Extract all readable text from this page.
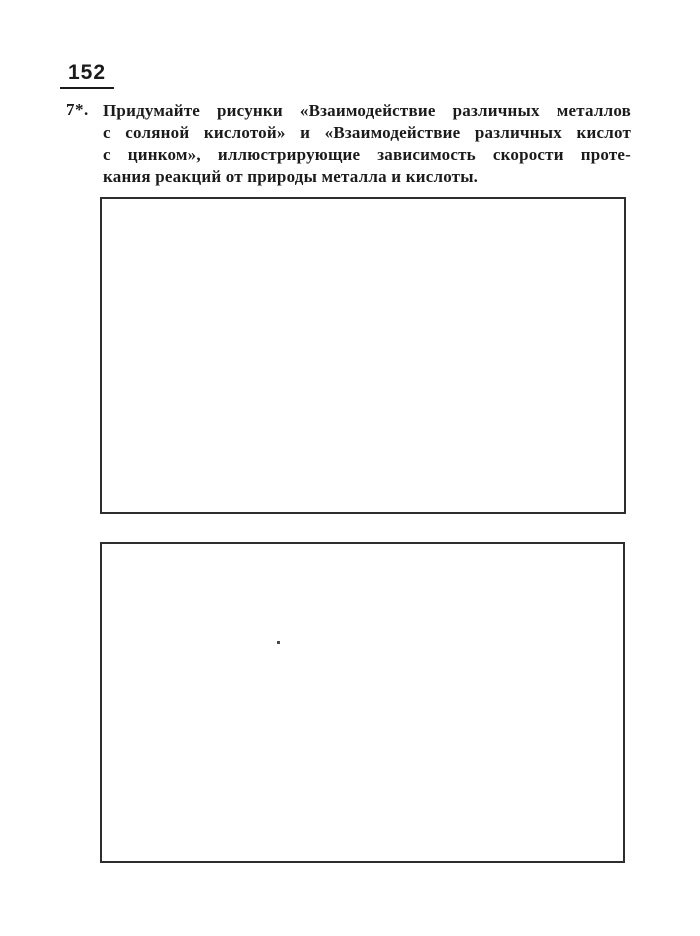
152
7*. Придумайте рисунки «Взаимодействие различных металлов
с соляной кислотой» и «Взаимодействие различных кислот
с цинком», иллюстрирующие зависимость скорости проте-
кания реакций от природы металла и кислоты.
